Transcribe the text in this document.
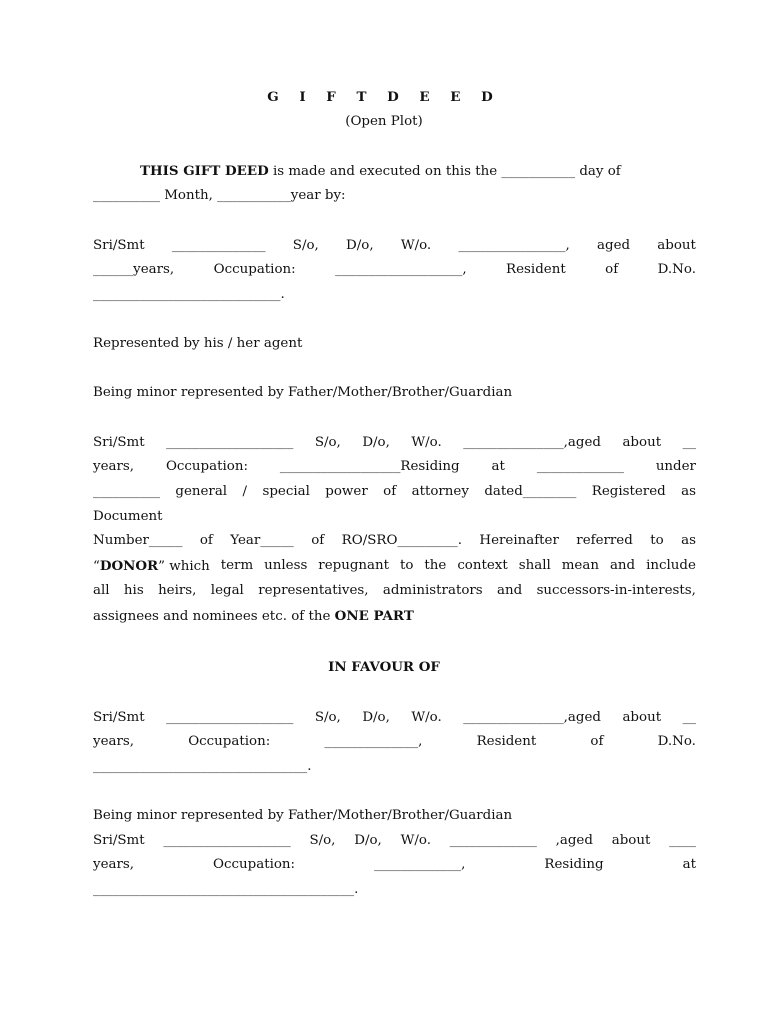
G I F T D E E D
(Open Plot)
THIS GIFT DEED is made and executed on this the ___________ day of
__________ Month, ___________year by:
Sri/Smt ______________ S/o, D/o, W/o. ________________, aged about
______years,	Occupation:	___________________,	Resident	of	D.No.
____________________________.
Represented by his / her agent
Being minor represented by Father/Mother/Brother/Guardian
Sri/Smt ___________________ S/o, D/o, W/o. _______________,aged about __
years, Occupation: __________________Residing at _____________ under
__________ general / special power of attorney dated________ Registered as
Document
Number_____ of Year_____ of RO/SRO_________. Hereinafter referred to as
“DONOR” which term unless repugnant to the context shall mean and include
all his heirs, legal representatives, administrators and successors-in-interests,
assignees and nominees etc. of the ONE PART
IN FAVOUR OF
Sri/Smt ___________________ S/o, D/o, W/o. _______________,aged about __
years,	Occupation:	______________,	Resident	of	D.No.
________________________________.
Being minor represented by Father/Mother/Brother/Guardian
Sri/Smt ___________________ S/o, D/o, W/o. _____________ ,aged about ____
years,	Occupation:	_____________,	Residing	at
_______________________________________.
